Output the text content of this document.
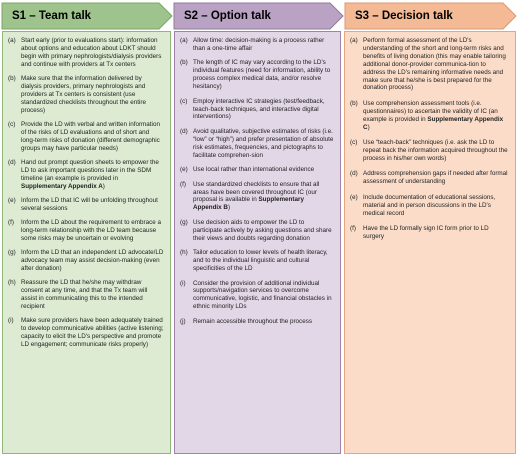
S1 – Team talk	S2 – Option talk	S3 – Decision talk
(a) Start early (prior to evaluations start): information about options and education about LDKT should begin with primary nephrologists/dialysis providers and continue with providers at Tx centers
(b) Make sure that the information delivered by dialysis providers, primary nephrologists and providers at Tx centers is consistent (use standardized checklists throughout the entire process)
(c) Provide the LD with verbal and written information of the risks of LD evaluations and of short and long-term risks of donation (different demographic groups may have particular needs)
(d) Hand out prompt question sheets to empower the LD to ask important questions later in the SDM timeline (an example is provided in Supplementary Appendix A)
(e) Inform the LD that IC will be unfolding throughout several sessions
(f)	Inform the LD about the requirement to embrace a long-term relationship with the LD team because some risks may be uncertain or evolving
(g) Inform the LD that an independent LD advocate/LD advocacy team may assist decision-making (even after donation)
(h) Reassure the LD that he/she may withdraw consent at any time, and that the Tx team will assist in communicating this to the intended recipient
(i)	Make sure providers have been adequately trained to develop communicative abilities (active listening; capacity to elicit the LD's perspective and promote LD engagement; communicate risks properly)
(a) Allow time: decision-making is a process rather than a one-time affair
(b) The length of IC may vary according to the LD's individual features (need for information, ability to process complex medical data, and/or resolve hesitancy)
(c) Employ interactive IC strategies (test/feedback, teach-back techniques, and interactive digital interventions)
(d) Avoid qualitative, subjective estimates of risks (i.e. “low” or “high”) and prefer presentation of absolute risk estimates, frequencies, and pictographs to facilitate comprehen-sion
(e) Use local rather than international evidence
(f)	Use standardized checklists to ensure that all areas have been covered throughout IC (our proposal is available in Supplementary Appendix B)
(g) Use decision aids to empower the LD to participate actively by asking questions and share their views and doubts regarding donation
(h) Tailor education to lower levels of health literacy, and to the individual linguistic and cultural specificities of the LD
(i)	Consider the provision of additional individual supports/navigation services to overcome communicative, logistic, and financial obstacles in ethnic minority LDs
(j)	Remain accessible throughout the process
(a) Perform formal assessment of the LD's understanding of the short and long-term risks and benefits of living donation (this may enable tailoring additional donor-provider communica-tion to address the LD's remaining informative needs and make sure that he/she is best prepared for the donation process)
(b) Use comprehension assessment tools (i.e. questionnaires) to ascertain the validity of IC (an example is provided in Supplementary Appendix C)
(c) Use “teach-back” techniques (i.e. ask the LD to repeat back the information acquired throughout the process in his/her own words)
(d) Address comprehension gaps if needed after formal assessment of understanding
(e) Include documentation of educational sessions, material and in person discussions in the LD's medical record
(f)	Have the LD formally sign IC form prior to LD surgery
